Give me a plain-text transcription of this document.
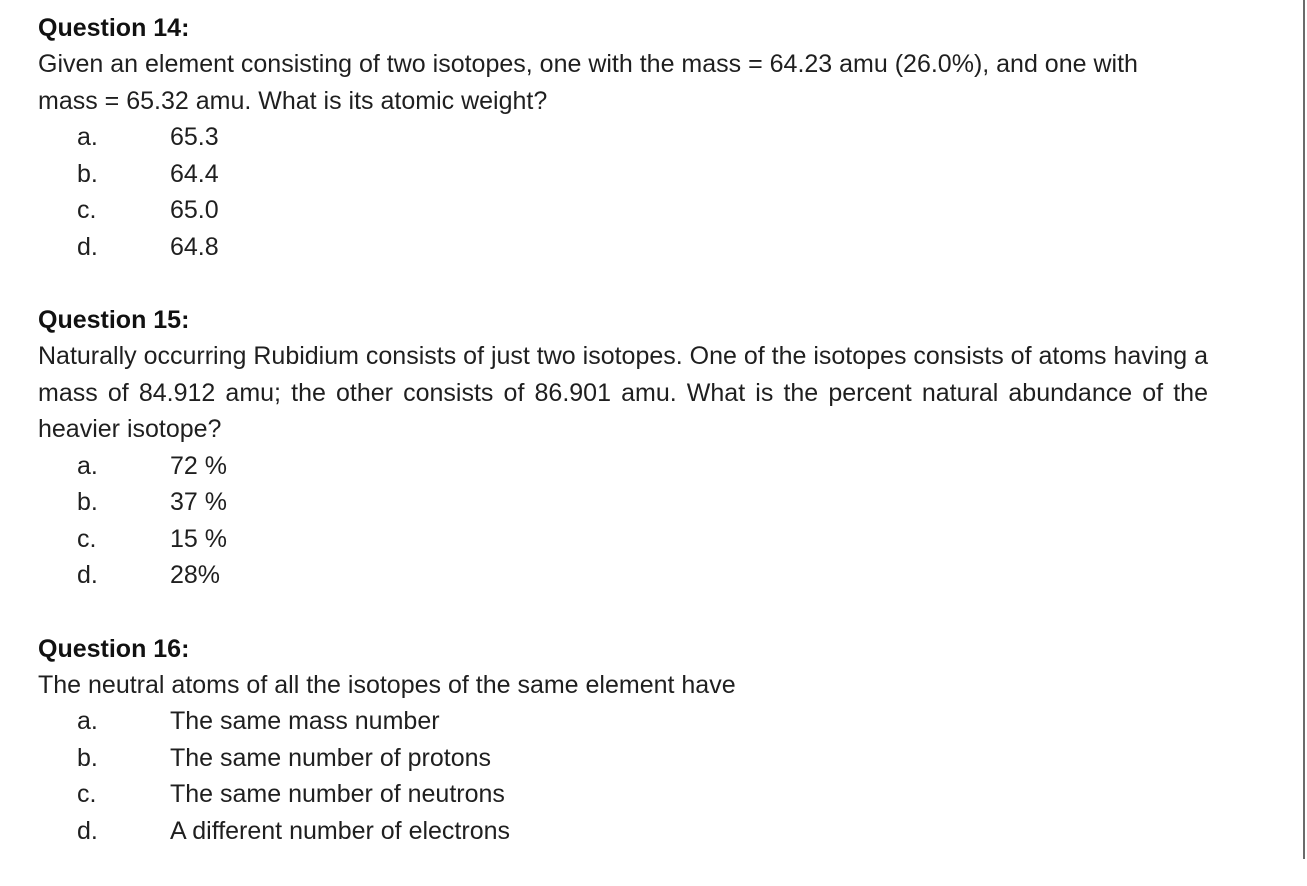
Question 14:
Given an element consisting of two isotopes, one with the mass = 64.23 amu (26.0%), and one with mass = 65.32 amu. What is its atomic weight?
a.	65.3
b.	64.4
c.	65.0
d.	64.8
Question 15:
Naturally occurring Rubidium consists of just two isotopes. One of the isotopes consists of atoms having a mass of 84.912 amu; the other consists of 86.901 amu. What is the percent natural abundance of the heavier isotope?
a.	72 %
b.	37 %
c.	15 %
d.	28%
Question 16:
The neutral atoms of all the isotopes of the same element have
a.	The same mass number
b.	The same number of protons
c.	The same number of neutrons
d.	A different number of electrons
